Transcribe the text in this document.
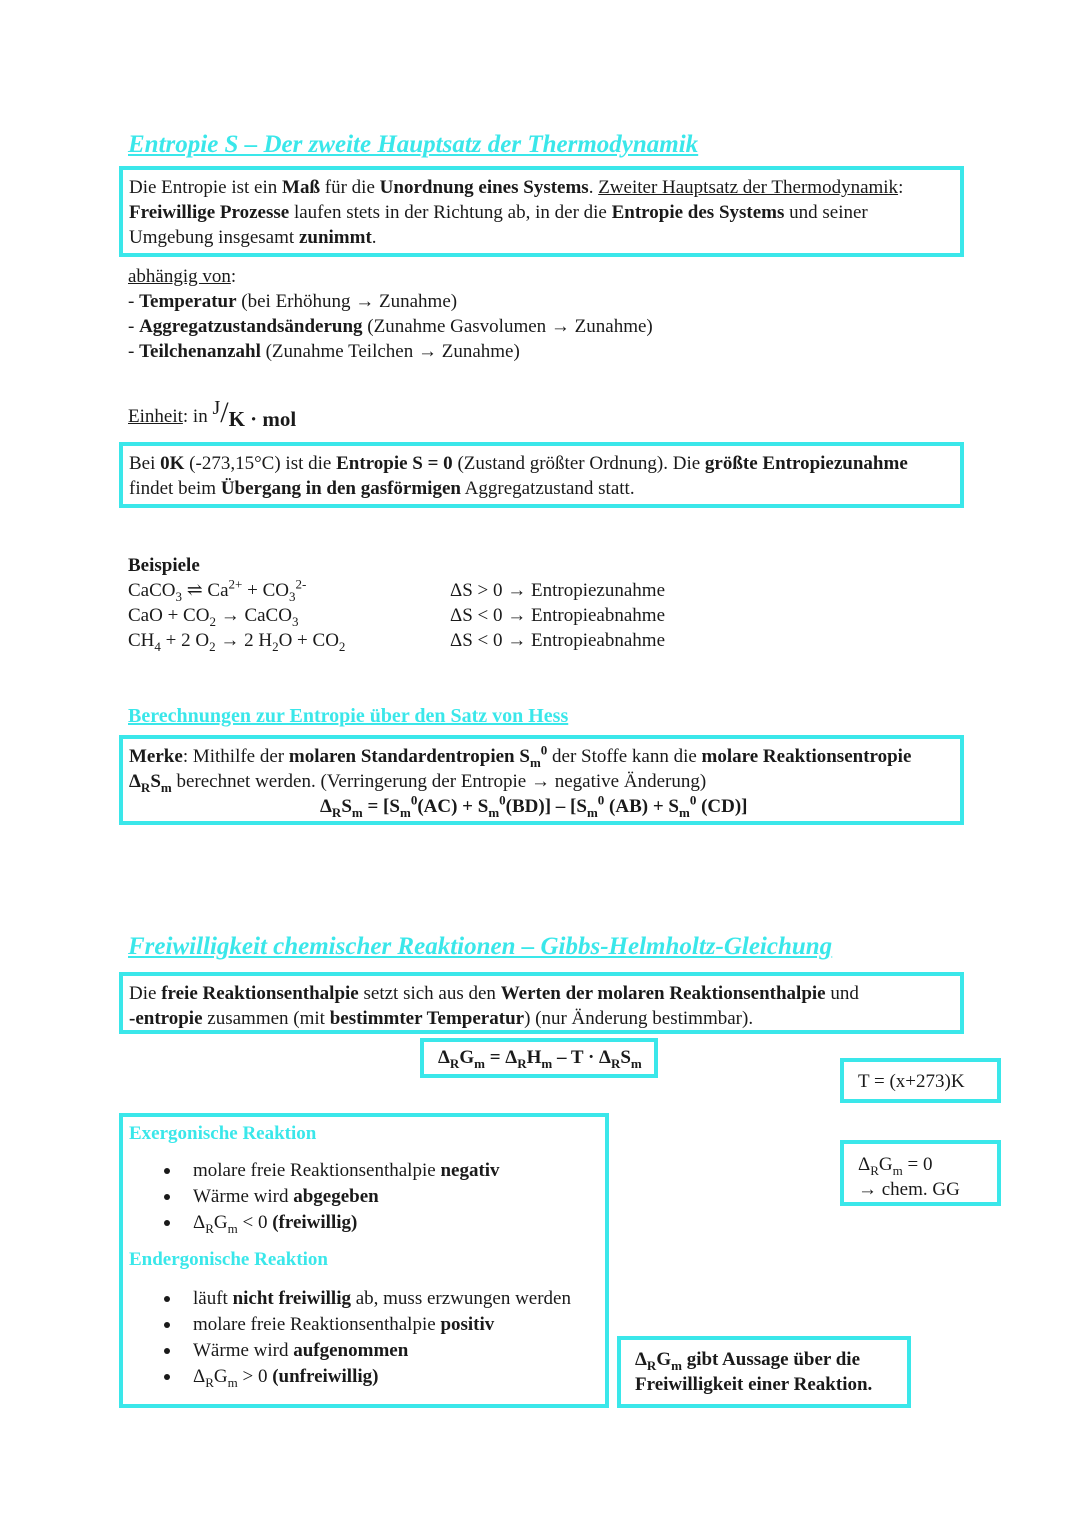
Entropie S – Der zweite Hauptsatz der Thermodynamik
Die Entropie ist ein Maß für die Unordnung eines Systems. Zweiter Hauptsatz der Thermodynamik:
Freiwillige Prozesse laufen stets in der Richtung ab, in der die Entropie des Systems und seiner
Umgebung insgesamt zunimmt.
abhängig von:
- Temperatur (bei Erhöhung → Zunahme)
- Aggregatzustandsänderung (Zunahme Gasvolumen → Zunahme)
- Teilchenanzahl (Zunahme Teilchen → Zunahme)
Einheit: in J/K · mol
Bei 0K (-273,15°C) ist die Entropie S = 0 (Zustand größter Ordnung). Die größte Entropiezunahme
findet beim Übergang in den gasförmigen Aggregatzustand statt.
Beispiele
CaCO$_3$ ⇌ $Ca^{2+} + CO_3^{2-}$
CaO + $CO_2$ → CaCO$_3$
$CH_4 + 2$ $O_2 \to 2$ $H_2O + CO_2$
ΔS > 0 → Entropiezunahme
ΔS < 0 → Entropieabnahme
ΔS < 0 → Entropieabnahme
Berechnungen zur Entropie über den Satz von Hess
Merke: Mithilfe der molaren Standardentropien $S_m^0$ der Stoffe kann die molare Reaktionsentropie
$\Delta_RS_m$ berechnet werden. (Verringerung der Entropie → negative Änderung)
$\Delta_RS_m = [S_m^0(AC) + S_m^0(BD)] - [S_m^0$ $(AB) + S_m^0$ (CD)]
Freiwilligkeit chemischer Reaktionen – Gibbs-Helmholtz-Gleichung
Die freie Reaktionsenthalpie setzt sich aus den Werten der molaren Reaktionsenthalpie und
-entropie zusammen (mit bestimmter Temperatur) (nur Änderung bestimmbar).
$\Delta_RG_m = \Delta_RH_m - T \cdot \Delta_RS_m$
T = (x+273)K
$\Delta_RG_m = 0$
→ chem. GG
Exergonische Reaktion
molare freie Reaktionsenthalpie negativ
Wärme wird abgegeben
$\Delta_RG_m < 0$ (freiwillig)
Endergonische Reaktion
läuft nicht freiwillig ab, muss erzwungen werden
molare freie Reaktionsenthalpie positiv
Wärme wird aufgenommen
$\Delta_RG_m > 0$ (unfreiwillig)
$\Delta_RG_m$ gibt Aussage über die
Freiwilligkeit einer Reaktion.
